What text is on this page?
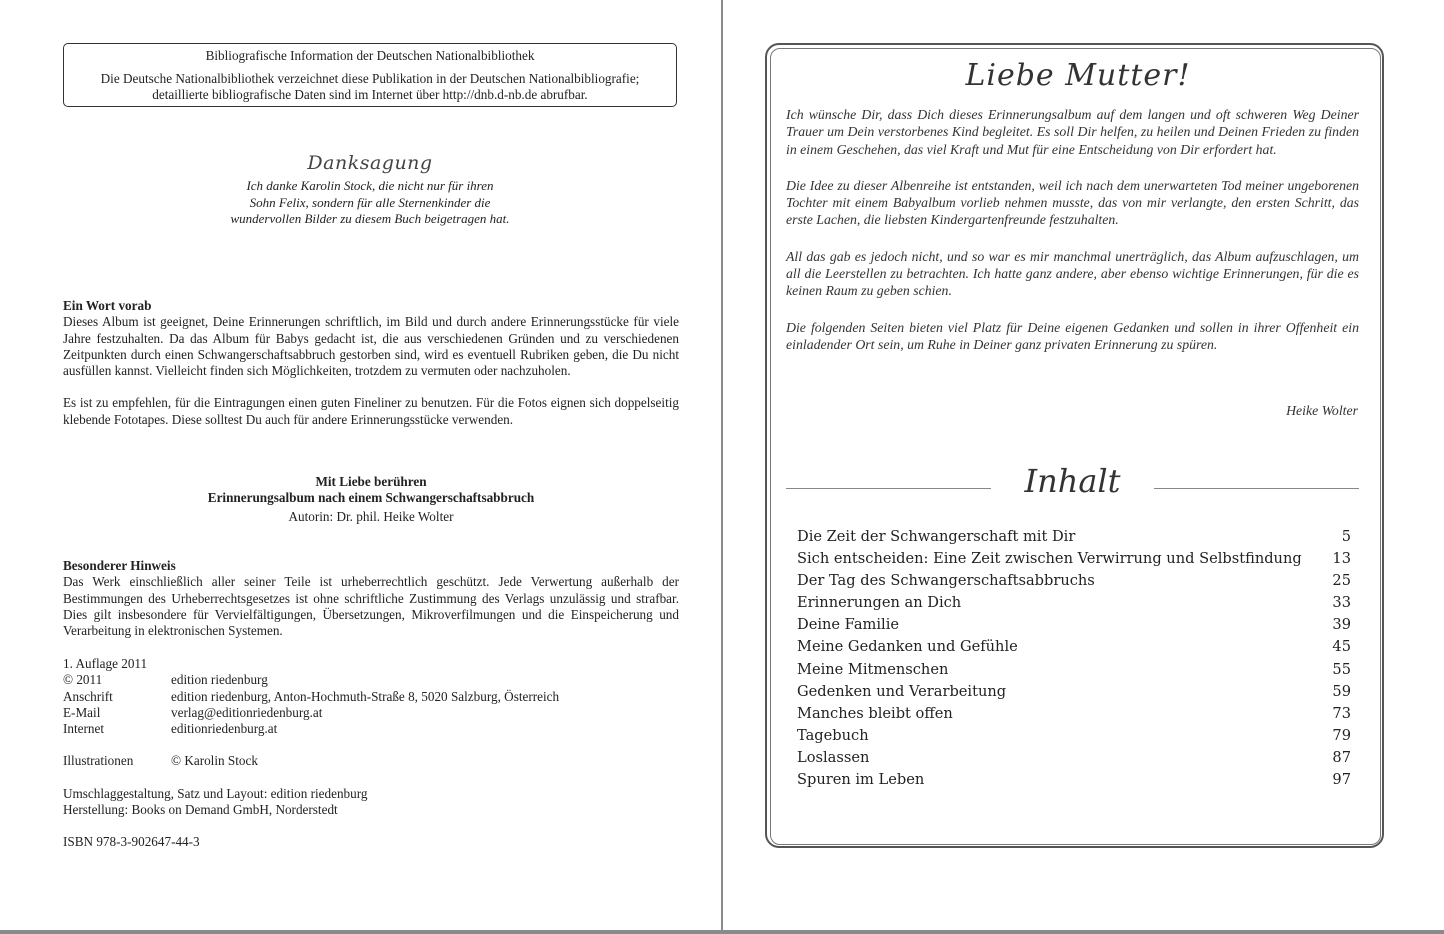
Bibliografische Information der Deutschen Nationalbibliothek
Die Deutsche Nationalbibliothek verzeichnet diese Publikation in der Deutschen Nationalbibliografie;
detaillierte bibliografische Daten sind im Internet über http://dnb.d-nb.de abrufbar.
Danksagung
Ich danke Karolin Stock, die nicht nur für ihren
Sohn Felix, sondern für alle Sternenkinder die
wundervollen Bilder zu diesem Buch beigetragen hat.
Ein Wort vorab

Dieses Album ist geeignet, Deine Erinnerungen schriftlich, im Bild und durch andere Erinnerungsstücke für viele Jahre festzuhalten. Da das Album für Babys gedacht ist, die aus verschiedenen Gründen und zu verschiedenen Zeitpunkten durch einen Schwangerschaftsabbruch gestorben sind, wird es eventuell Rubriken geben, die Du nicht ausfüllen kannst. Vielleicht finden sich Möglichkeiten, trotzdem zu vermuten oder nachzuholen.

Es ist zu empfehlen, für die Eintragungen einen guten Fineliner zu benutzen. Für die Fotos eignen sich doppelseitig klebende Fototapes. Diese solltest Du auch für andere Erinnerungsstücke verwenden.

Mit Liebe berühren
Erinnerungsalbum nach einem Schwangerschaftsabbruch
Autorin: Dr. phil. Heike Wolter
Besonderer Hinweis

Das Werk einschließlich aller seiner Teile ist urheberrechtlich geschützt. Jede Verwertung außerhalb der Bestimmungen des Urheberrechtsgesetzes ist ohne schriftliche Zustimmung des Verlags unzulässig und strafbar. Dies gilt insbesondere für Vervielfältigungen, Übersetzungen, Mikroverfilmungen und die Einspeicherung und Verarbeitung in elektronischen Systemen.

1. Auflage 2011
© 2011	edition riedenburg
Anschrift	edition riedenburg, Anton-Hochmuth-Straße 8, 5020 Salzburg, Österreich
E-Mail	verlag@editionriedenburg.at
Internet	editionriedenburg.at
Illustrationen	© Karolin Stock
Umschlaggestaltung, Satz und Layout: edition riedenburg
Herstellung: Books on Demand GmbH, Norderstedt
ISBN 978-3-902647-44-3
Liebe Mutter!

Ich wünsche Dir, dass Dich dieses Erinnerungsalbum auf dem langen und oft schweren Weg Deiner Trauer um Dein verstorbenes Kind begleitet. Es soll Dir helfen, zu heilen und Deinen Frieden zu finden in einem Geschehen, das viel Kraft und Mut für eine Entscheidung von Dir erfordert hat.

Die Idee zu dieser Albenreihe ist entstanden, weil ich nach dem unerwarteten Tod meiner ungeborenen Tochter mit einem Babyalbum vorlieb nehmen musste, das von mir verlangte, den ersten Schritt, das erste Lachen, die liebsten Kindergartenfreunde festzuhalten.

All das gab es jedoch nicht, und so war es mir manchmal unerträglich, das Album aufzuschlagen, um all die Leerstellen zu betrachten. Ich hatte ganz andere, aber ebenso wichtige Erinnerungen, für die es keinen Raum zu geben schien.

Die folgenden Seiten bieten viel Platz für Deine eigenen Gedanken und sollen in ihrer Offenheit ein einladender Ort sein, um Ruhe in Deiner ganz privaten Erinnerung zu spüren.

Heike Wolter
Inhalt
Die Zeit der Schwangerschaft mit Dir	5
Sich entscheiden: Eine Zeit zwischen Verwirrung und Selbstfindung 13
Der Tag des Schwangerschaftsabbruchs	25
Erinnerungen an Dich	33
Deine Familie	39
Meine Gedanken und Gefühle	45
Meine Mitmenschen	55
Gedenken und Verarbeitung	59
Manches bleibt offen	73
Tagebuch	79
Loslassen	87
Spuren im Leben	97
